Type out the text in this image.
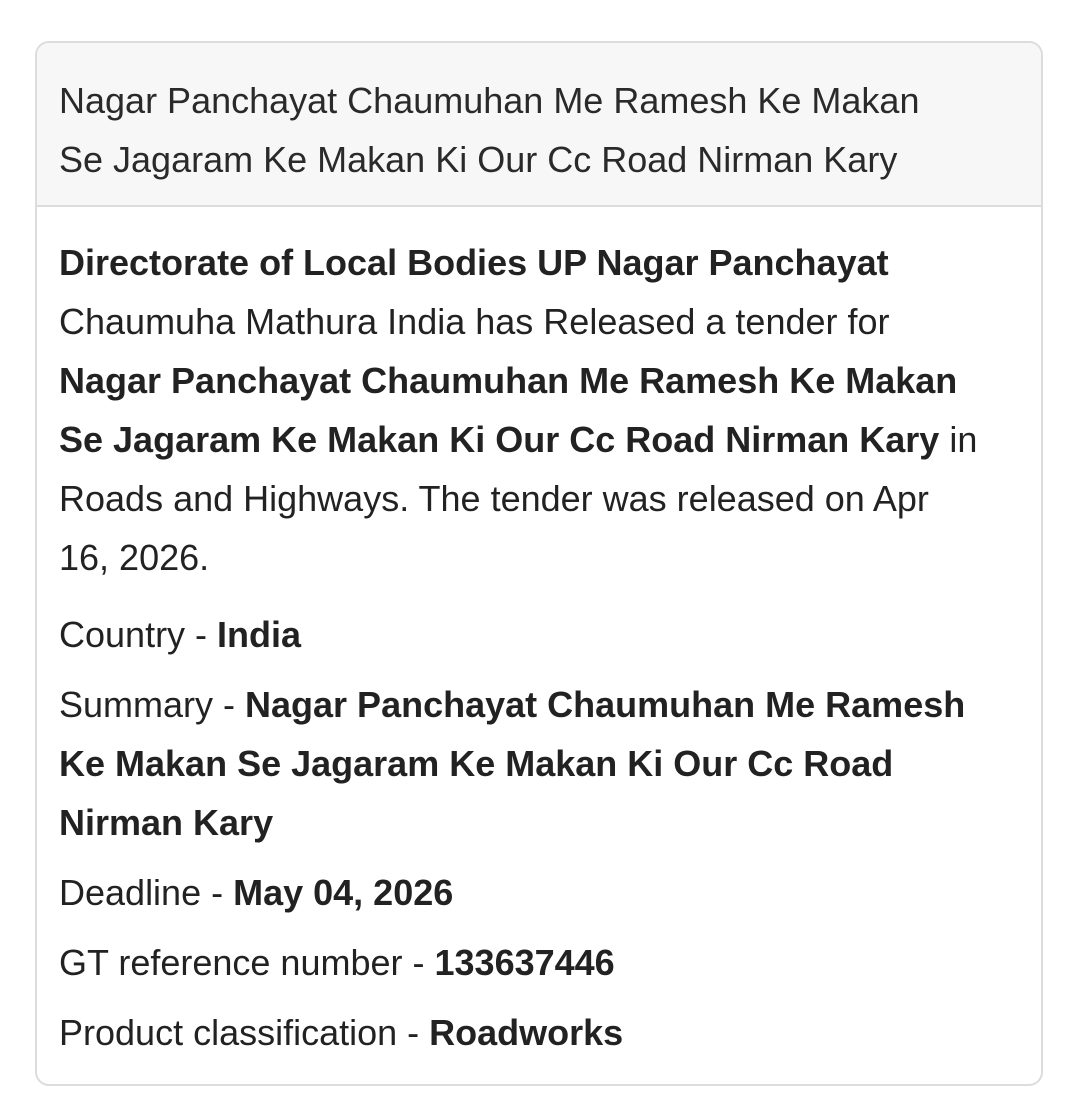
Nagar Panchayat Chaumuhan Me Ramesh Ke Makan
Se Jagaram Ke Makan Ki Our Cc Road Nirman Kary
Directorate of Local Bodies UP Nagar Panchayat
Chaumuha Mathura India has Released a tender for
Nagar Panchayat Chaumuhan Me Ramesh Ke Makan
Se Jagaram Ke Makan Ki Our Cc Road Nirman Kary in
Roads and Highways. The tender was released on Apr
16, 2026.
Country - India
Summary - Nagar Panchayat Chaumuhan Me Ramesh
Ke Makan Se Jagaram Ke Makan Ki Our Cc Road
Nirman Kary
Deadline - May 04, 2026
GT reference number - 133637446
Product classification - Roadworks
